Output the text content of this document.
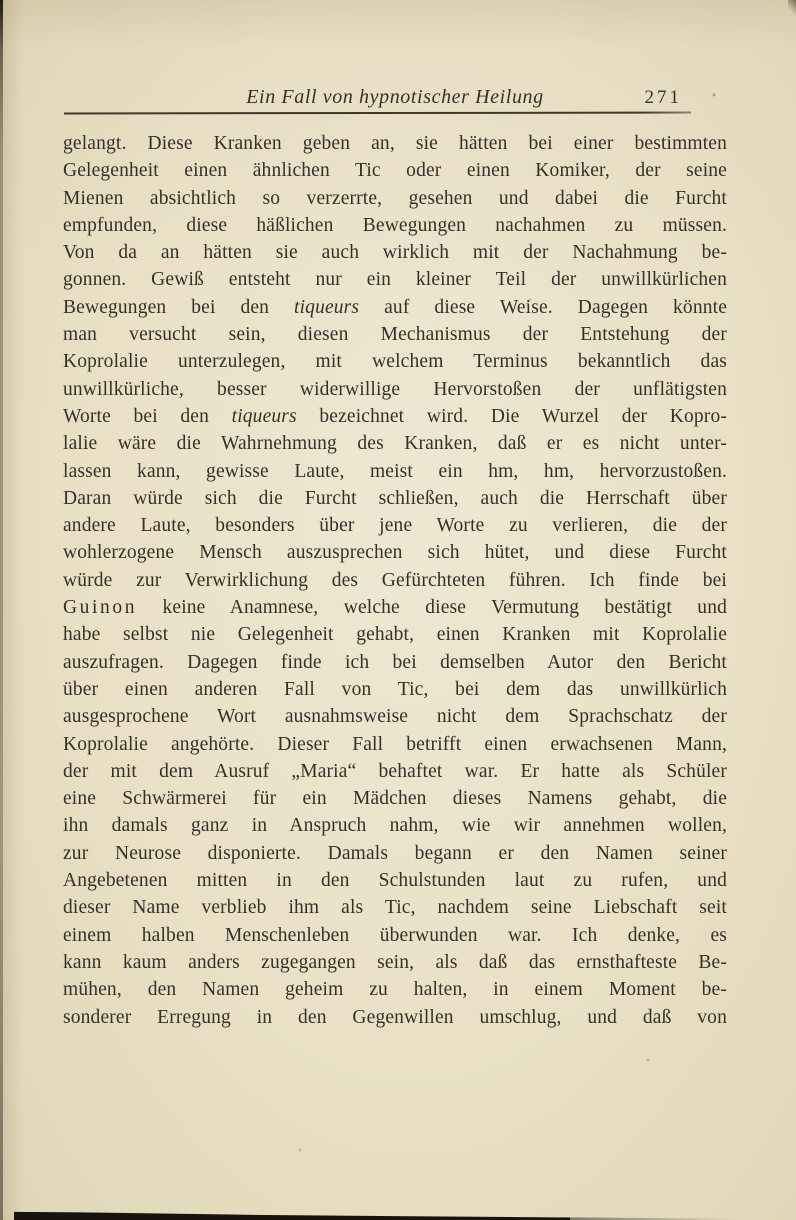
Ein Fall von hypnotischer Heilung	271
gelangt. Diese Kranken geben an, sie hätten bei einer bestimmten
Gelegenheit einen ähnlichen Tic oder einen Komiker, der seine
Mienen absichtlich so verzerrte, gesehen und dabei die Furcht
empfunden, diese häßlichen Bewegungen nachahmen zu müssen.
Von da an hätten sie auch wirklich mit der Nachahmung be-
gonnen. Gewiß entsteht nur ein kleiner Teil der unwillkürlichen
Bewegungen bei den tiqueurs auf diese Weise. Dagegen könnte
man versucht sein, diesen Mechanismus der Entstehung der
Koprolalie unterzulegen, mit welchem Terminus bekanntlich das
unwillkürliche, besser widerwillige Hervorstoßen der unflätigsten
Worte bei den tiqueurs bezeichnet wird. Die Wurzel der Kopro-
lalie wäre die Wahrnehmung des Kranken, daß er es nicht unter-
lassen kann, gewisse Laute, meist ein hm, hm, hervorzustoßen.
Daran würde sich die Furcht schließen, auch die Herrschaft über
andere Laute, besonders über jene Worte zu verlieren, die der
wohlerzogene Mensch auszusprechen sich hütet, und diese Furcht
würde zur Verwirklichung des Gefürchteten führen. Ich finde bei
Guinon keine Anamnese, welche diese Vermutung bestätigt und
habe selbst nie Gelegenheit gehabt, einen Kranken mit Koprolalie
auszufragen. Dagegen finde ich bei demselben Autor den Bericht
über einen anderen Fall von Tic, bei dem das unwillkürlich
ausgesprochene Wort ausnahmsweise nicht dem Sprachschatz der
Koprolalie angehörte. Dieser Fall betrifft einen erwachsenen Mann,
der mit dem Ausruf „Maria“ behaftet war. Er hatte als Schüler
eine Schwärmerei für ein Mädchen dieses Namens gehabt, die
ihn damals ganz in Anspruch nahm, wie wir annehmen wollen,
zur Neurose disponierte. Damals begann er den Namen seiner
Angebetenen mitten in den Schulstunden laut zu rufen, und
dieser Name verblieb ihm als Tic, nachdem seine Liebschaft seit
einem halben Menschenleben überwunden war. Ich denke, es
kann kaum anders zugegangen sein, als daß das ernsthafteste Be-
mühen, den Namen geheim zu halten, in einem Moment be-
sonderer Erregung in den Gegenwillen umschlug, und daß von
